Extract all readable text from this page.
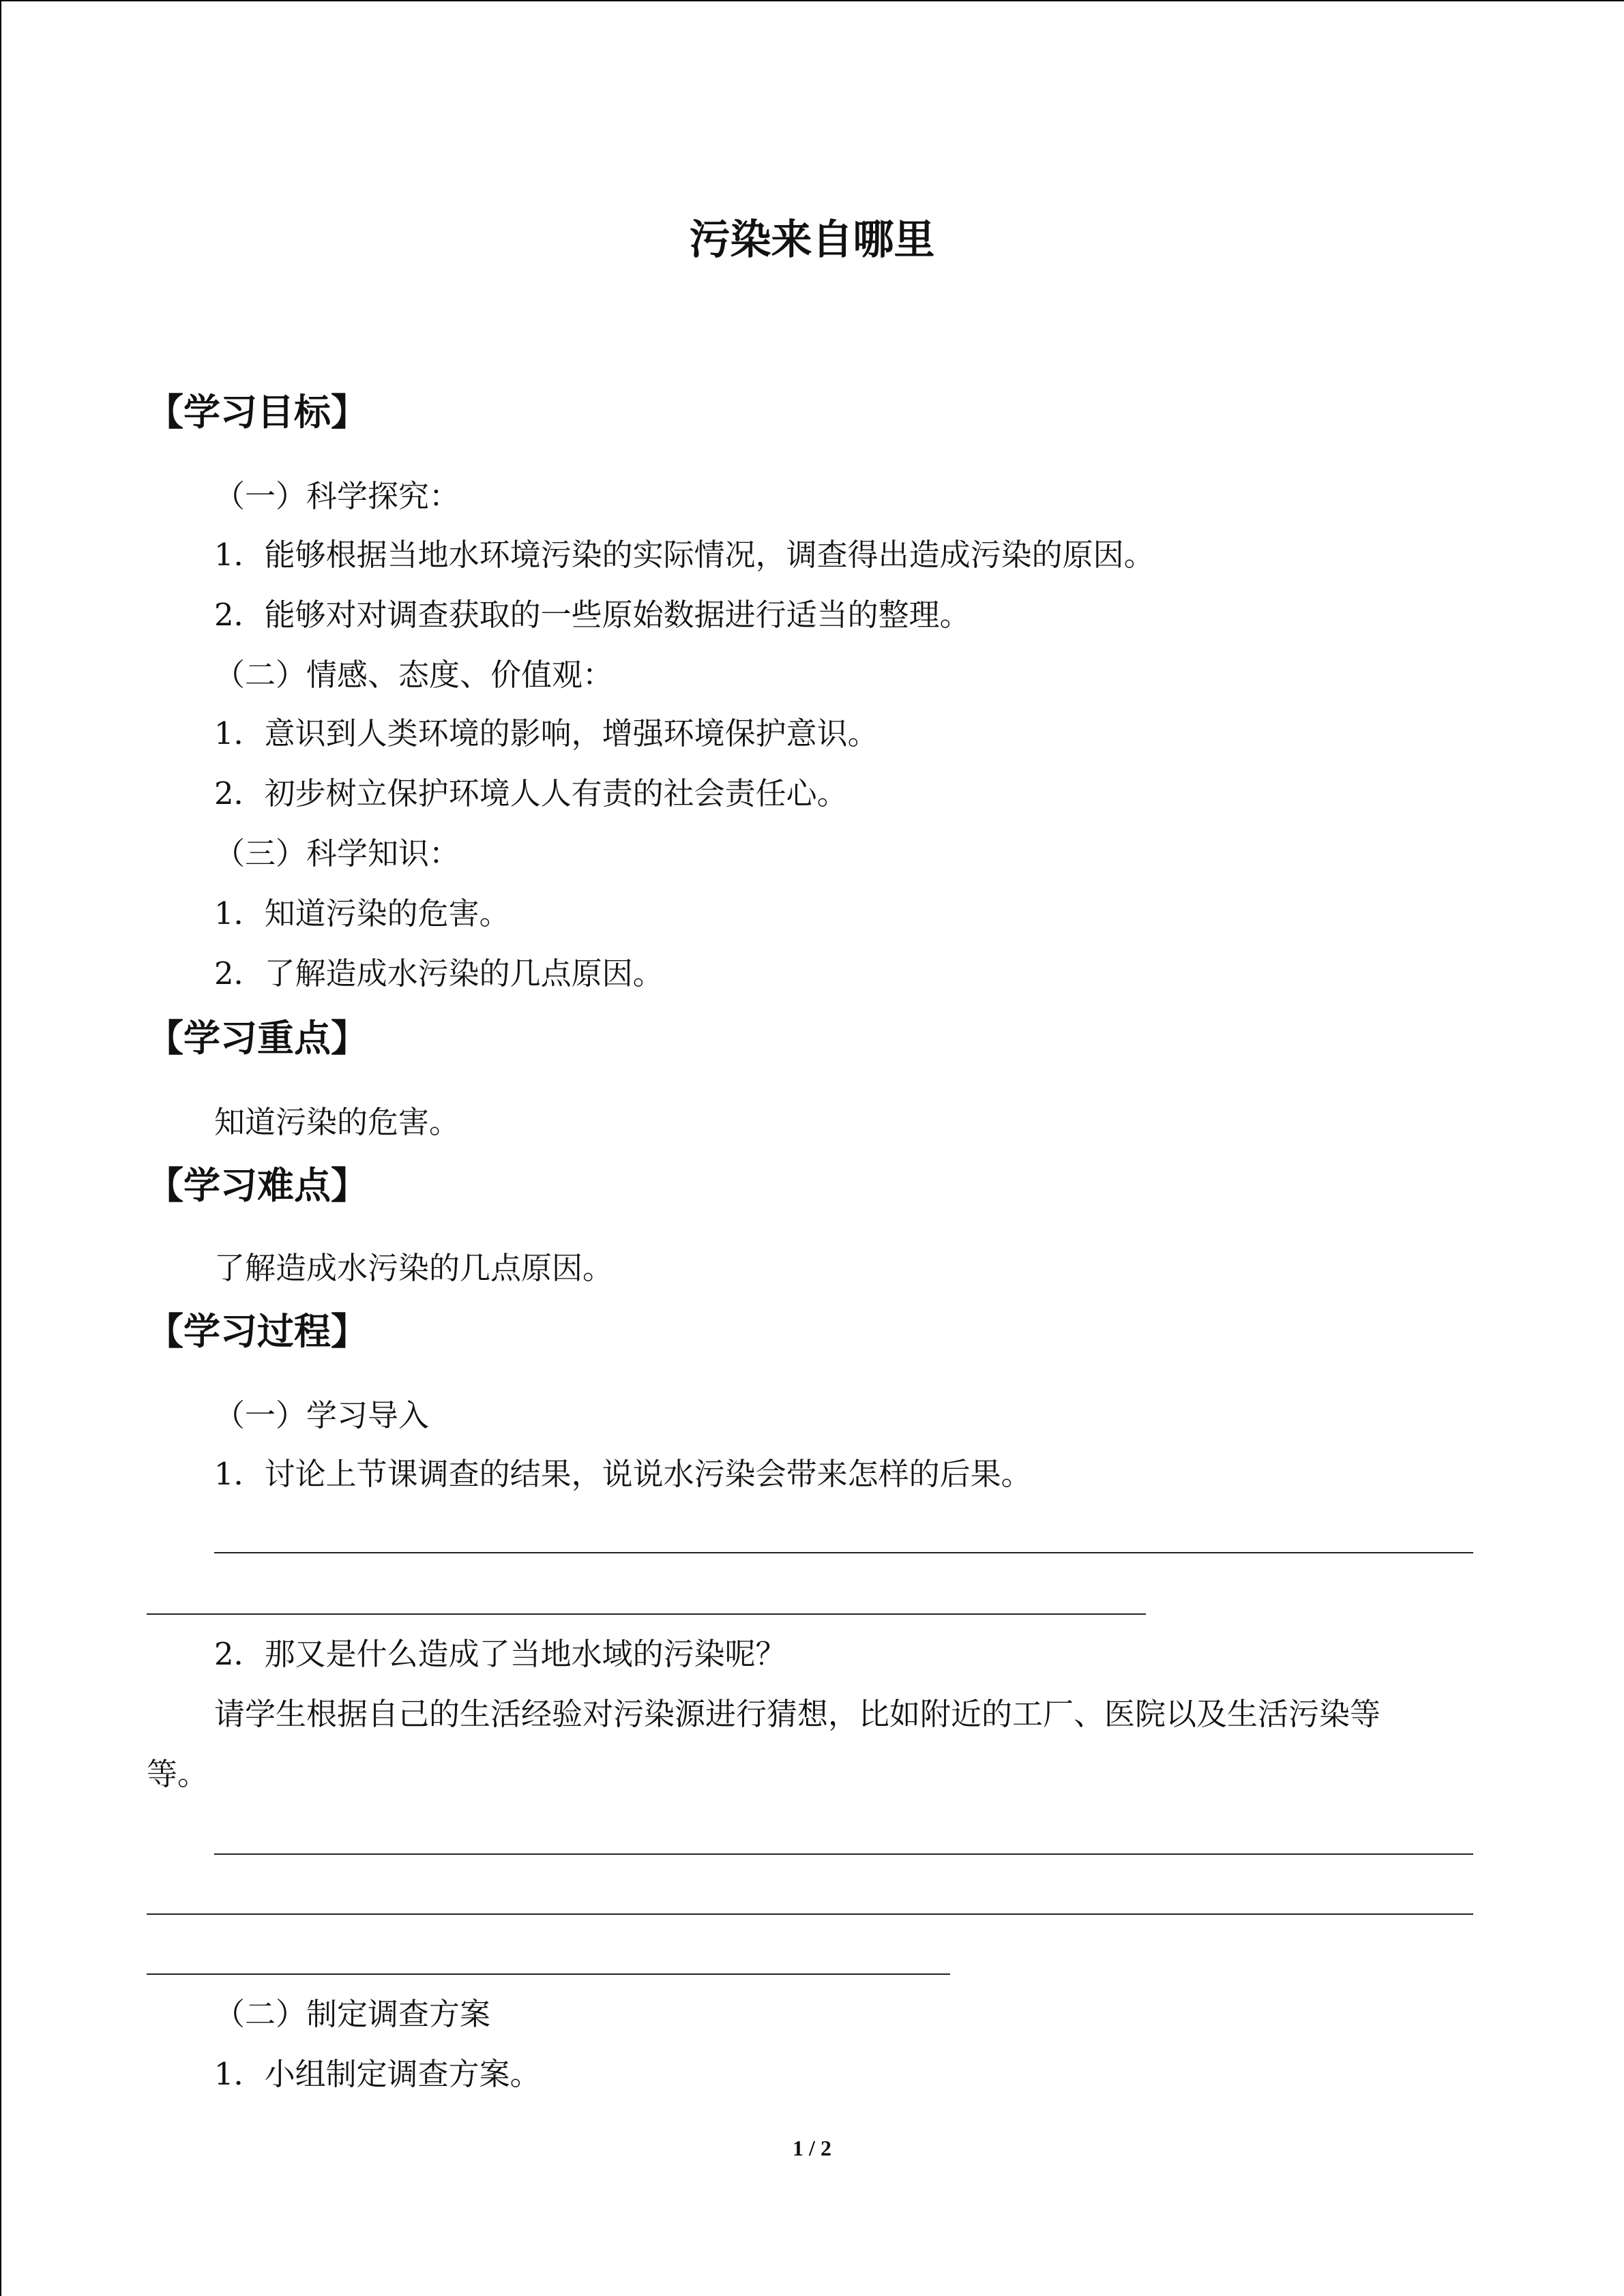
污染来自哪里
【学习目标】
（一）科学探究：
1．能够根据当地水环境污染的实际情况，调查得出造成污染的原因。
2．能够对对调查获取的一些原始数据进行适当的整理。
（二）情感、态度、价值观：
1．意识到人类环境的影响，增强环境保护意识。
2．初步树立保护环境人人有责的社会责任心。
（三）科学知识：
1．知道污染的危害。
2．了解造成水污染的几点原因。
【学习重点】
知道污染的危害。
【学习难点】
了解造成水污染的几点原因。
【学习过程】
（一）学习导入
1．讨论上节课调查的结果，说说水污染会带来怎样的后果。
2．那又是什么造成了当地水域的污染呢？
请学生根据自己的生活经验对污染源进行猜想，比如附近的工厂、医院以及生活污染等
等。
（二）制定调查方案
1．小组制定调查方案。
1 / 2
